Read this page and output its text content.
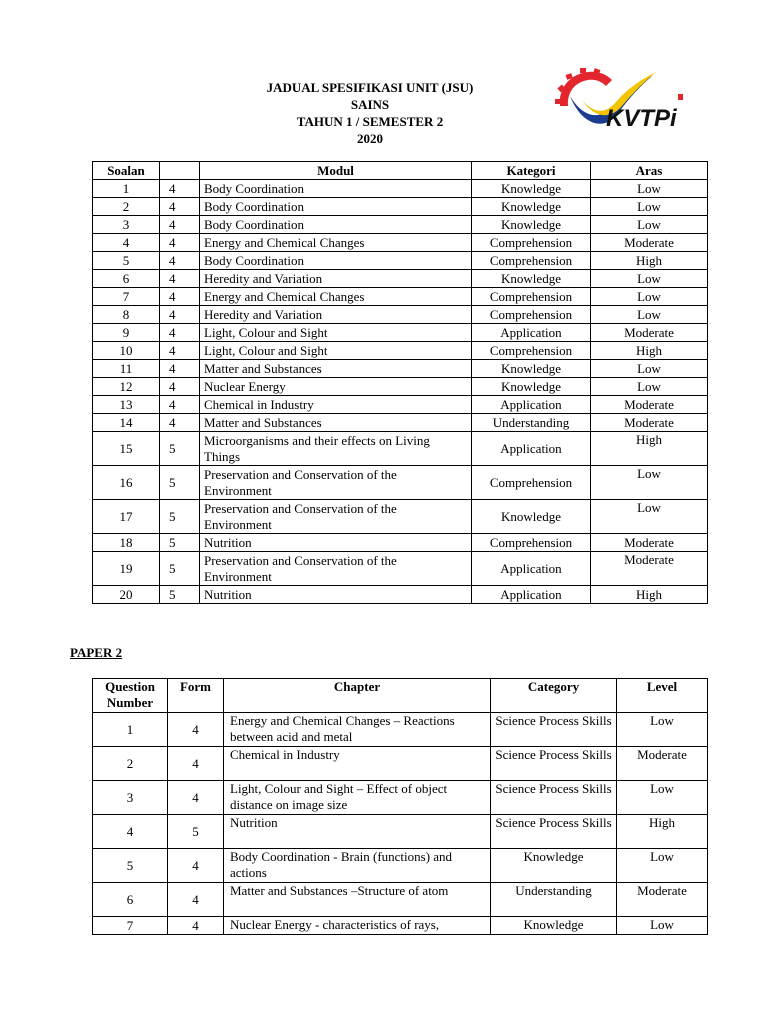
JADUAL SPESIFIKASI UNIT (JSU)
SAINS
TAHUN 1 / SEMESTER 2
2020
KVTPi
Soalan		Modul	Kategori	Aras
1	4	Body Coordination	Knowledge	Low
2	4	Body Coordination	Knowledge	Low
3	4	Body Coordination	Knowledge	Low
4	4	Energy and Chemical Changes	Comprehension	Moderate
5	4	Body Coordination	Comprehension	High
6	4	Heredity and Variation	Knowledge	Low
7	4	Energy and Chemical Changes	Comprehension	Low
8	4	Heredity and Variation	Comprehension	Low
9	4	Light, Colour and Sight	Application	Moderate
10	4	Light, Colour and Sight	Comprehension	High
11	4	Matter and Substances	Knowledge	Low
12	4	Nuclear Energy	Knowledge	Low
13	4	Chemical in Industry	Application	Moderate
14	4	Matter and Substances	Understanding	Moderate
15	5	Microorganisms and their effects on Living Things	Application	High
16	5	Preservation and Conservation of the Environment	Comprehension	Low
17	5	Preservation and Conservation of the Environment	Knowledge	Low
18	5	Nutrition	Comprehension	Moderate
19	5	Preservation and Conservation of the Environment	Application	Moderate
20	5	Nutrition	Application	High
PAPER 2
Question Number	Form	Chapter	Category	Level
1	4	Energy and Chemical Changes – Reactions between acid and metal	Science Process Skills	Low
2	4	Chemical in Industry	Science Process Skills	Moderate
3	4	Light, Colour and Sight – Effect of object distance on image size	Science Process Skills	Low
4	5	Nutrition	Science Process Skills	High
5	4	Body Coordination - Brain (functions) and actions	Knowledge	Low
6	4	Matter and Substances –Structure of atom	Understanding	Moderate
7	4	Nuclear Energy - characteristics of rays,	Knowledge	Low
